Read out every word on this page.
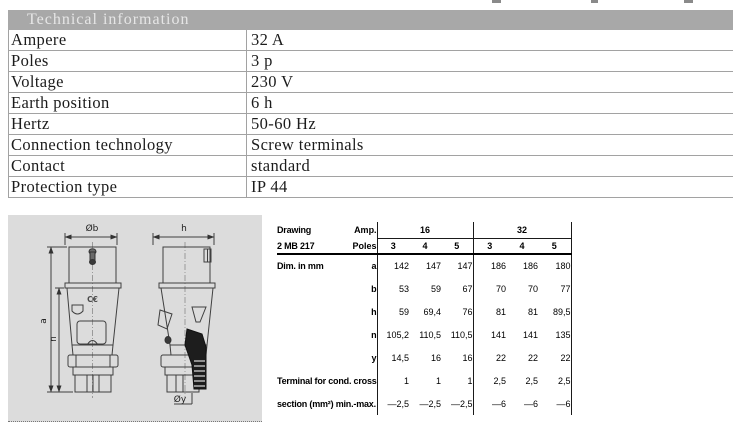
Technical information
Ampere	32 A
Poles	3 p
Voltage	230 V
Earth position	6 h
Hertz	50-60 Hz
Connection technology	Screw terminals
Contact	standard
Protection type	IP 44
Øb
a
n
C€
h
Øy
Drawing	Amp.	16			32		
2 MB 217	Poles	3	4	5	3	4	5
Dim. in mm	a	142	147	147	186	186	180
	b	53	59	67	70	70	77
	h	59	69,4	76	81	81	89,5
	n	105,2	110,5	110,5	141	141	135
	y	14,5	16	16	22	22	22
Terminal for cond. cross		1	1	1	2,5	2,5	2,5
section (mm²) min.-max.		—2,5	—2,5	—2,5	—6	—6	—6
